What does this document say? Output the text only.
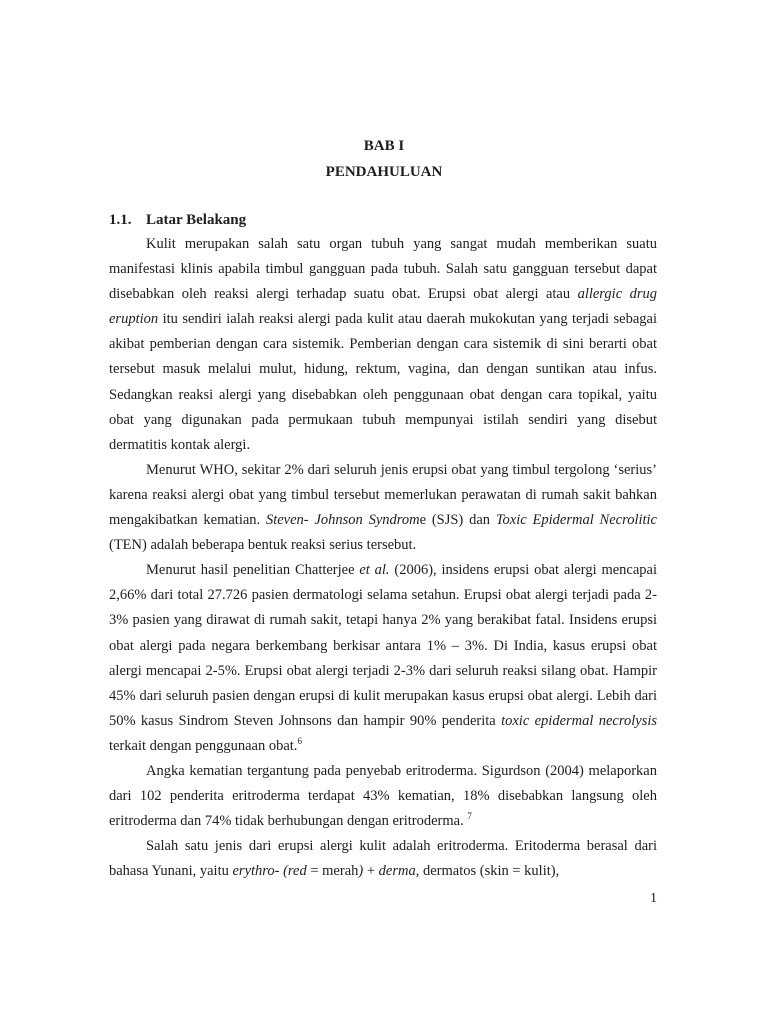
BAB I
PENDAHULUAN
1.1. Latar Belakang

Kulit merupakan salah satu organ tubuh yang sangat mudah memberikan suatu manifestasi klinis apabila timbul gangguan pada tubuh. Salah satu gangguan tersebut dapat disebabkan oleh reaksi alergi terhadap suatu obat. Erupsi obat alergi atau allergic drug eruption itu sendiri ialah reaksi alergi pada kulit atau daerah mukokutan yang terjadi sebagai akibat pemberian dengan cara sistemik. Pemberian dengan cara sistemik di sini berarti obat tersebut masuk melalui mulut, hidung, rektum, vagina, dan dengan suntikan atau infus. Sedangkan reaksi alergi yang disebabkan oleh penggunaan obat dengan cara topikal, yaitu obat yang digunakan pada permukaan tubuh mempunyai istilah sendiri yang disebut dermatitis kontak alergi.

Menurut WHO, sekitar 2% dari seluruh jenis erupsi obat yang timbul tergolong ‘serius’ karena reaksi alergi obat yang timbul tersebut memerlukan perawatan di rumah sakit bahkan mengakibatkan kematian. Steven- Johnson Syndrome (SJS) dan Toxic Epidermal Necrolitic (TEN) adalah beberapa bentuk reaksi serius tersebut.

Menurut hasil penelitian Chatterjee et al. (2006), insidens erupsi obat alergi mencapai 2,66% dari total 27.726 pasien dermatologi selama setahun. Erupsi obat alergi terjadi pada 2-3% pasien yang dirawat di rumah sakit, tetapi hanya 2% yang berakibat fatal. Insidens erupsi obat alergi pada negara berkembang berkisar antara 1% – 3%. Di India, kasus erupsi obat alergi mencapai 2-5%. Erupsi obat alergi terjadi 2-3% dari seluruh reaksi silang obat. Hampir 45% dari seluruh pasien dengan erupsi di kulit merupakan kasus erupsi obat alergi. Lebih dari 50% kasus Sindrom Steven Johnsons dan hampir 90% penderita toxic epidermal necrolysis terkait dengan penggunaan obat.$^6$

Angka kematian tergantung pada penyebab eritroderma. Sigurdson (2004) melaporkan dari 102 penderita eritroderma terdapat 43% kematian, 18% disebabkan langsung oleh eritroderma dan 74% tidak berhubungan dengan eritroderma. $^7$

Salah satu jenis dari erupsi alergi kulit adalah eritroderma. Eritoderma berasal dari bahasa Yunani, yaitu erythro- (red = merah) + derma, dermatos (skin = kulit),

1
